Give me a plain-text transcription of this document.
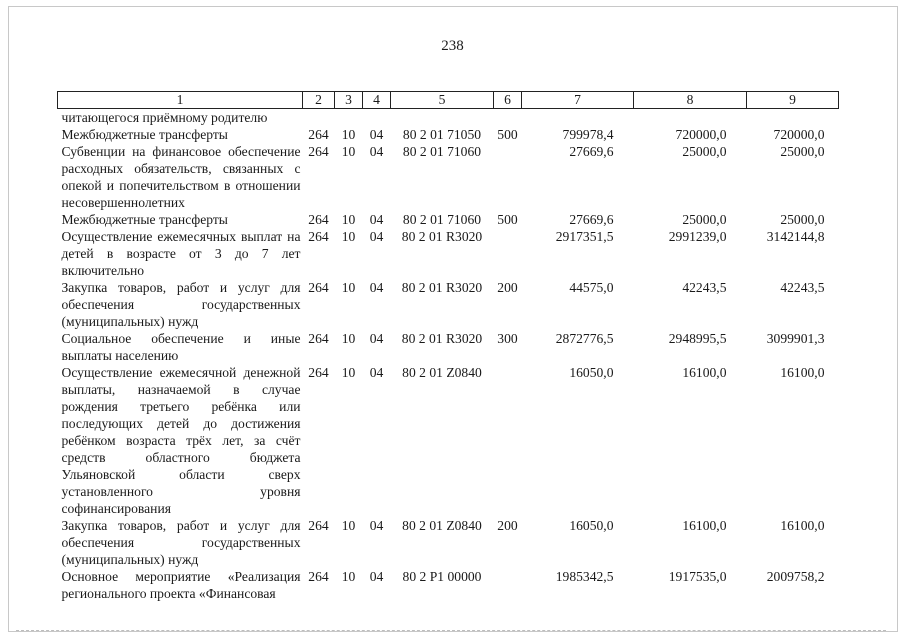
238
1	2	3	4	5	6	7	8	9
читающегося приёмному родителю								
Межбюджетные трансферты	264	10	04	80 2 01 71050	500	799978,4	720000,0	720000,0
Субвенции на финансовое обеспечение расходных обязательств, связанных с опекой и попечительством в отношении несовершеннолетних	264	10	04	80 2 01 71060		27669,6	25000,0	25000,0
Межбюджетные трансферты	264	10	04	80 2 01 71060	500	27669,6	25000,0	25000,0
Осуществление ежемесячных выплат на детей в возрасте от 3 до 7 лет включительно	264	10	04	80 2 01 R3020		2917351,5	2991239,0	3142144,8
Закупка товаров, работ и услуг для обеспечения государственных (муниципальных) нужд	264	10	04	80 2 01 R3020	200	44575,0	42243,5	42243,5
Социальное обеспечение и иные выплаты населению	264	10	04	80 2 01 R3020	300	2872776,5	2948995,5	3099901,3
Осуществление ежемесячной денежной выплаты, назначаемой в случае рождения третьего ребёнка или последующих детей до достижения ребёнком возраста трёх лет, за счёт средств областного бюджета Ульяновской области сверх установленного уровня софинансирования	264	10	04	80 2 01 Z0840		16050,0	16100,0	16100,0
Закупка товаров, работ и услуг для обеспечения государственных (муниципальных) нужд	264	10	04	80 2 01 Z0840	200	16050,0	16100,0	16100,0
Основное мероприятие «Реализация регионального проекта «Финансовая	264	10	04	80 2 P1 00000		1985342,5	1917535,0	2009758,2
